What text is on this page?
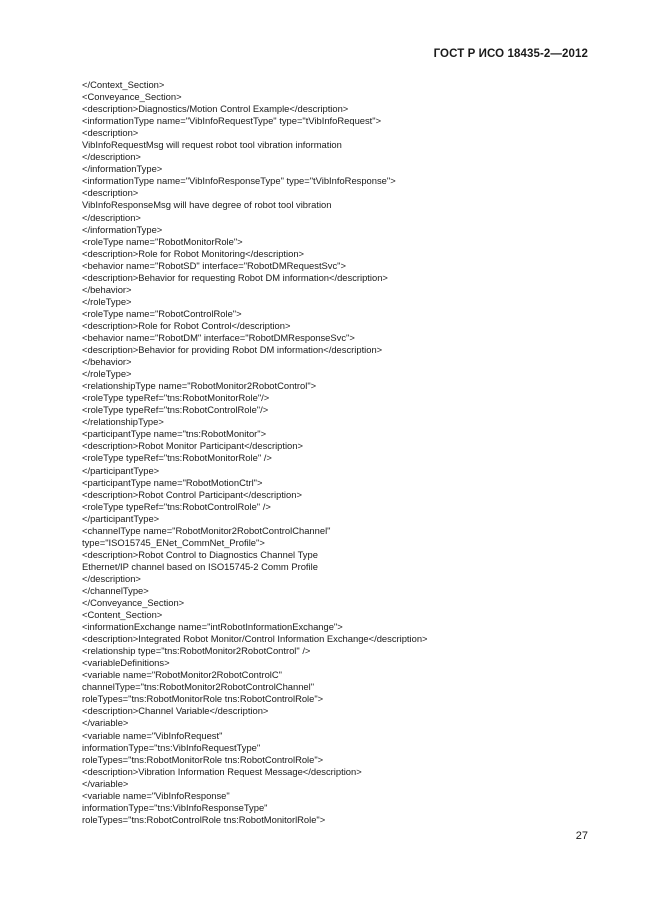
ГОСТ Р ИСО 18435-2—2012
</Context_Section>
<Conveyance_Section>
<description>Diagnostics/Motion Control Example</description>
<informationType name="VibInfoRequestType" type="tVibInfoRequest">
<description>
VibInfoRequestMsg will request robot tool vibration information
</description>
</informationType>
<informationType name="VibInfoResponseType" type="tVibInfoResponse">
<description>
VibInfoResponseMsg will have degree of robot tool vibration
</description>
</informationType>
<roleType name="RobotMonitorRole">
<description>Role for Robot Monitoring</description>
<behavior name="RobotSD" interface="RobotDMRequestSvc">
<description>Behavior for requesting Robot DM information</description>
</behavior>
</roleType>
<roleType name="RobotControlRole">
<description>Role for Robot Control</description>
<behavior name="RobotDM" interface="RobotDMResponseSvc">
<description>Behavior for providing Robot DM information</description>
</behavior>
</roleType>
<relationshipType name="RobotMonitor2RobotControl">
<roleType typeRef="tns:RobotMonitorRole"/>
<roleType typeRef="tns:RobotControlRole"/>
</relationshipType>
<participantType name="tns:RobotMonitor">
<description>Robot Monitor Participant</description>
<roleType typeRef="tns:RobotMonitorRole" />
</participantType>
<participantType name="RobotMotionCtrl">
<description>Robot Control Participant</description>
<roleType typeRef="tns:RobotControlRole" />
</participantType>
<channelType name="RobotMonitor2RobotControlChannel"
type="ISO15745_ENet_CommNet_Profile">
<description>Robot Control to Diagnostics Channel Type
Ethernet/IP channel based on ISO15745-2 Comm Profile
</description>
</channelType>
</Conveyance_Section>
<Content_Section>
<informationExchange name="intRobotInformationExchange">
<description>Integrated Robot Monitor/Control Information Exchange</description>
<relationship type="tns:RobotMonitor2RobotControl" />
<variableDefinitions>
<variable name="RobotMonitor2RobotControlC"
channelType="tns:RobotMonitor2RobotControlChannel"
roleTypes="tns:RobotMonitorRole tns:RobotControlRole">
<description>Channel Variable</description>
</variable>
<variable name="VibInfoRequest"
informationType="tns:VibInfoRequestType"
roleTypes="tns:RobotMonitorRole tns:RobotControlRole">
<description>Vibration Information Request Message</description>
</variable>
<variable name="VibInfoResponse"
informationType="tns:VibInfoResponseType"
roleTypes="tns:RobotControlRole tns:RobotMonitorlRole">
27
